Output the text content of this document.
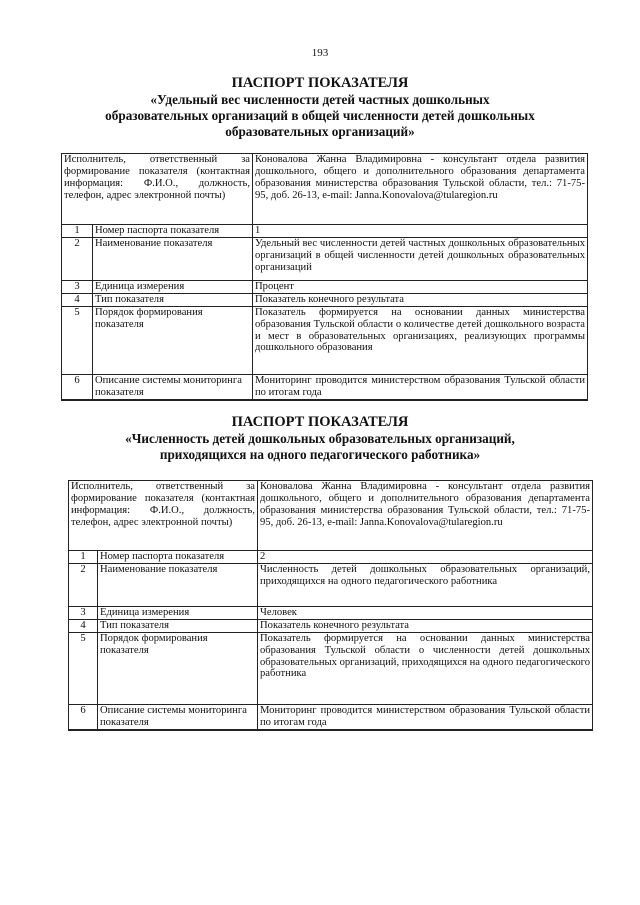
193
ПАСПОРТ ПОКАЗАТЕЛЯ
«Удельный вес численности детей частных дошкольных
образовательных организаций в общей численности детей дошкольных
образовательных организаций»
Исполнитель, ответственный за формирование показателя (контактная информация: Ф.И.О., должность, телефон, адрес электронной почты)		Коновалова Жанна Владимировна - консультант отдела развития дошкольного, общего и дополнительного образования департамента образования министерства образования Тульской области, тел.: 71-75-95, доб. 26-13, e-mail: Janna.Konovalova@tularegion.ru
1	Номер паспорта показателя	1
2	Наименование показателя	Удельный вес численности детей частных дошкольных образовательных организаций в общей численности детей дошкольных образовательных организаций
3	Единица измерения	Процент
4	Тип показателя	Показатель конечного результата
5	Порядок формирования показателя	Показатель формируется на основании данных министерства образования Тульской области о количестве детей дошкольного возраста и мест в образовательных организациях, реализующих программы дошкольного образования
6	Описание системы мониторинга показателя	Мониторинг проводится министерством образования Тульской области по итогам года
ПАСПОРТ ПОКАЗАТЕЛЯ
«Численность детей дошкольных образовательных организаций,
приходящихся на одного педагогического работника»
Исполнитель, ответственный за формирование показателя (контактная информация: Ф.И.О., должность, телефон, адрес электронной почты)		Коновалова Жанна Владимировна - консультант отдела развития дошкольного, общего и дополнительного образования департамента образования министерства образования Тульской области, тел.: 71-75-95, доб. 26-13, e-mail: Janna.Konovalova@tularegion.ru
1	Номер паспорта показателя	2
2	Наименование показателя	Численность детей дошкольных образовательных организаций, приходящихся на одного педагогического работника
3	Единица измерения	Человек
4	Тип показателя	Показатель конечного результата
5	Порядок формирования показателя	Показатель формируется на основании данных министерства образования Тульской области о численности детей дошкольных образовательных организаций, приходящихся на одного педагогического работника
6	Описание системы мониторинга показателя	Мониторинг проводится министерством образования Тульской области по итогам года
